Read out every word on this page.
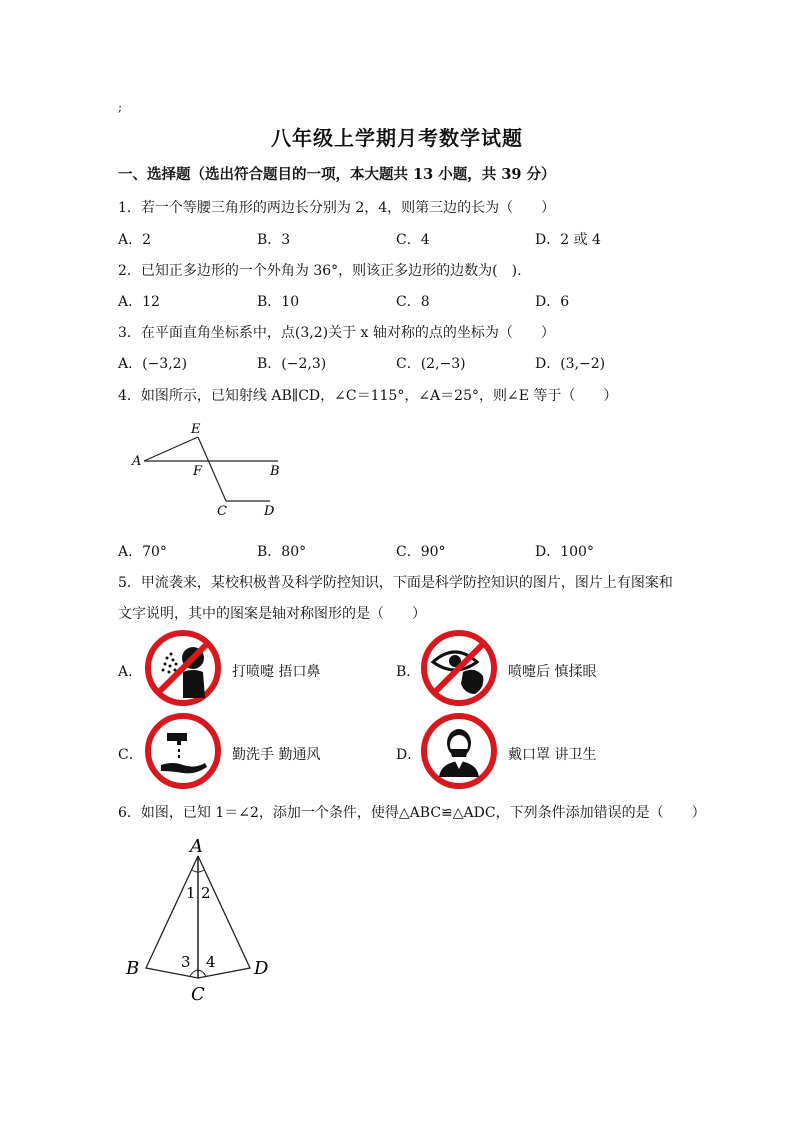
;
八年级上学期月考数学试题
一、选择题（选出符合题目的一项，本大题共 13 小题，共 39 分）
1．若一个等腰三角形的两边长分别为 2，4，则第三边的长为（　　）
A．2	B．3	C．4	D．2 或 4
2．已知正多边形的一个外角为 36°，则该正多边形的边数为(　).
A．12	B．10	C．8	D．6
3．在平面直角坐标系中，点(3,2)关于 x 轴对称的点的坐标为（　　）
A．(−3,2)	B．(−2,3)	C．(2,−3)	D．(3,−2)
4．如图所示，已知射线 AB∥CD，∠C＝115°，∠A＝25°，则∠E 等于（　　）
A
B
E
F
C	D
A．70°	B．80°	C．90°	D．100°
5．甲流袭来，某校积极普及科学防控知识，下面是科学防控知识的图片，图片上有图案和
文字说明，其中的图案是轴对称图形的是（　　）
A．	打喷嚏 捂口鼻	B．	喷嚏后 慎揉眼
C．	勤洗手 勤通风	D．	戴口罩 讲卫生
6．如图，已知 1＝∠2，添加一个条件，使得△ABC≌△ADC，下列条件添加错误的是（　　）
A
B	D
C
1 2
3 4
